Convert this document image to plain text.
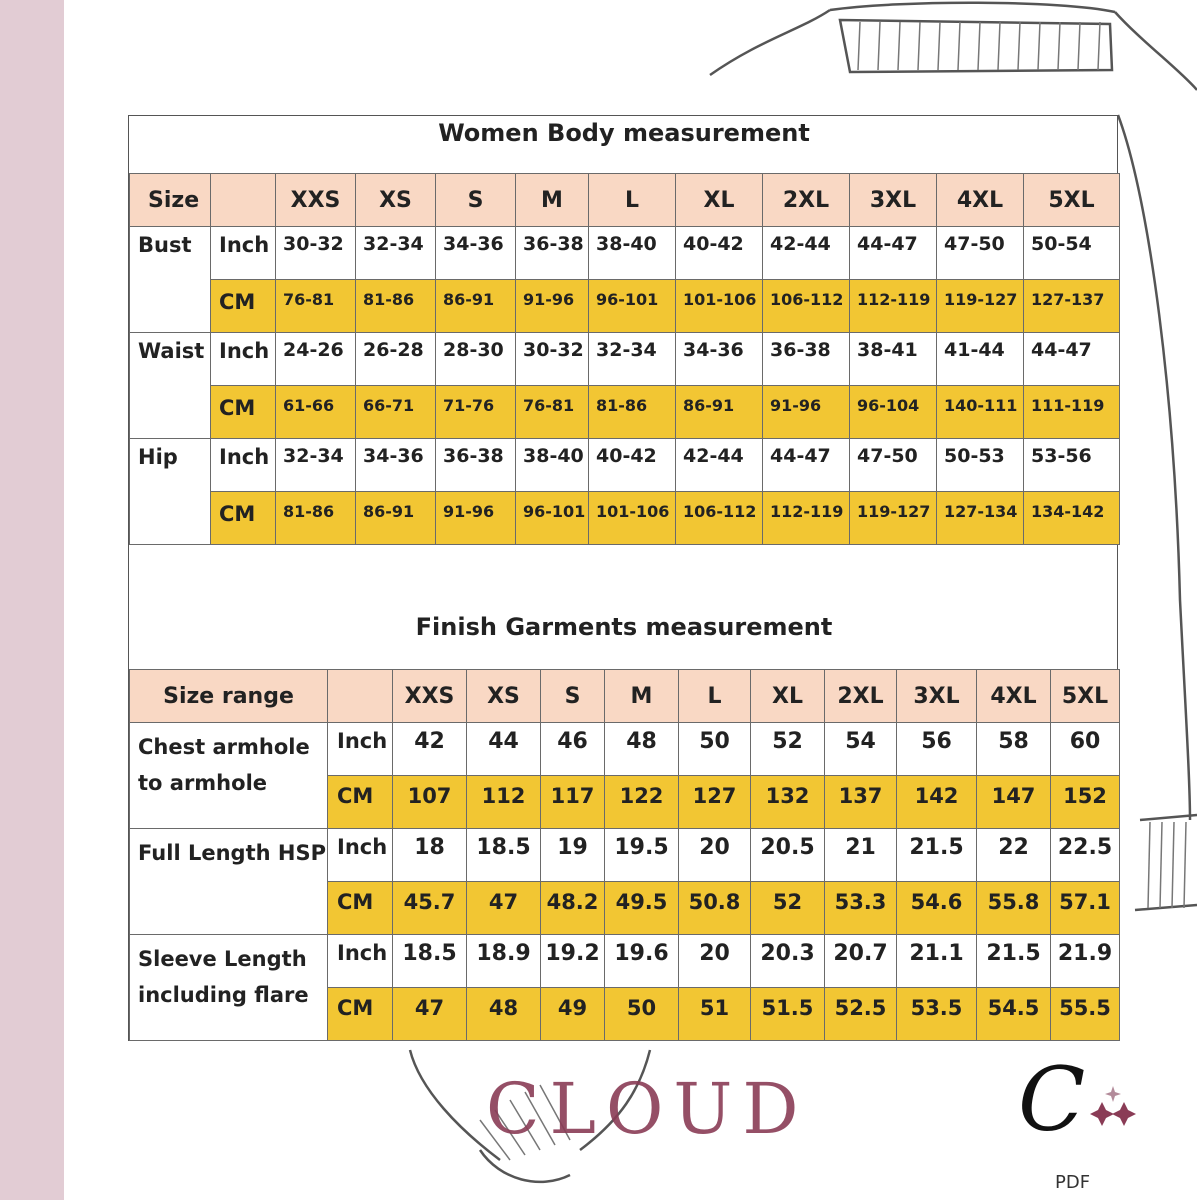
Women Body measurement
Size		XXS	XS	S	M	L	XL	2XL	3XL	4XL	5XL
Bust	Inch	30-32	32-34	34-36	36-38	38-40	40-42	42-44	44-47	47-50	50-54
	CM	76-81	81-86	86-91	91-96	96-101	101-106	106-112	112-119	119-127	127-137
Waist	Inch	24-26	26-28	28-30	30-32	32-34	34-36	36-38	38-41	41-44	44-47
	CM	61-66	66-71	71-76	76-81	81-86	86-91	91-96	96-104	140-111	111-119
Hip	Inch	32-34	34-36	36-38	38-40	40-42	42-44	44-47	47-50	50-53	53-56
	CM	81-86	86-91	91-96	96-101	101-106	106-112	112-119	119-127	127-134	134-142
Finish Garments measurement
Size range		XXS	XS	S	M	L	XL	2XL	3XL	4XL	5XL
Chest armhole to armhole	Inch	42	44	46	48	50	52	54	56	58	60
	CM	107	112	117	122	127	132	137	142	147	152
Full Length HSP	Inch	18	18.5	19	19.5	20	20.5	21	21.5	22	22.5
	CM	45.7	47	48.2	49.5	50.8	52	53.3	54.6	55.8	57.1
Sleeve Length including flare	Inch	18.5	18.9	19.2	19.6	20	20.3	20.7	21.1	21.5	21.9
	CM	47	48	49	50	51	51.5	52.5	53.5	54.5	55.5
CLOUD C
PDF
